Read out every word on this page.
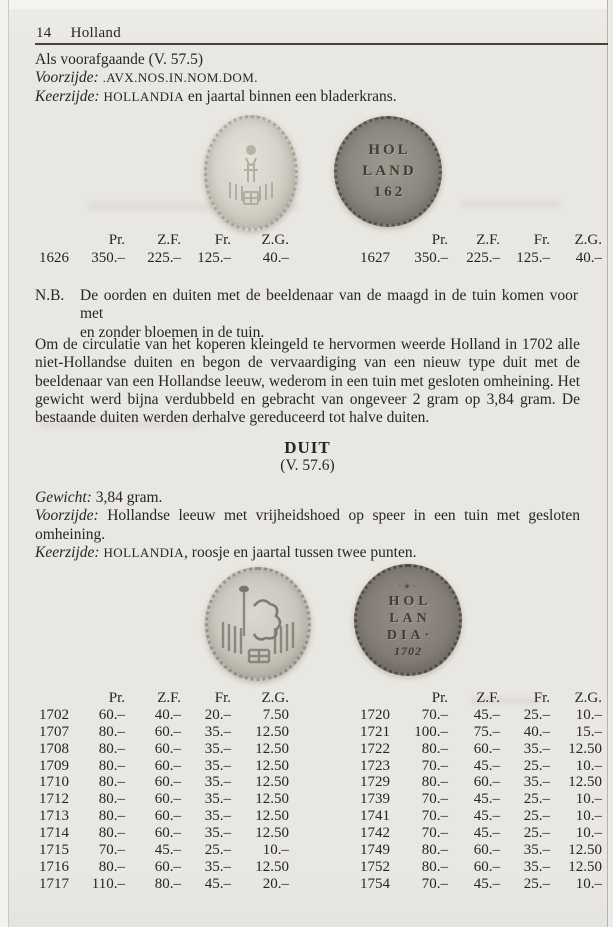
14 Holland
Als voorafgaande (V. 57.5)
Voorzijde: .AVX.NOS.IN.NOM.DOM.
Keerzijde: HOLLANDIA en jaartal binnen een bladerkrans.
HOL
LAND
162
Pr.	Z.F.	Fr.	Z.G.
1626	350.–	225.–	125.–	40.–
Pr.	Z.F.	Fr.	Z.G.
1627	350.–	225.–	125.–	40.–
N.B. De oorden en duiten met de beeldenaar van de maagd in de tuin komen voor met
en zonder bloemen in de tuin.
Om de circulatie van het koperen kleingeld te hervormen weerde Holland in 1702 alle
niet-Hollandse duiten en begon de vervaardiging van een nieuw type duit met de
beeldenaar van een Hollandse leeuw, wederom in een tuin met gesloten omheining. Het
gewicht werd bijna verdubbeld en gebracht van ongeveer 2 gram op 3,84 gram. De
bestaande duiten werden derhalve gereduceerd tot halve duiten.
DUIT
(V. 57.6)
Gewicht: 3,84 gram.
Voorzijde: Hollandse leeuw met vrijheidshoed op speer in een tuin met gesloten
omheining.
Keerzijde: HOLLANDIA, roosje en jaartal tussen twee punten.
·∗·
HOL
LAN
DIA·
1702
Pr.	Z.F.	Fr.	Z.G.
1702	60.–	40.–	20.–	7.50
1707	80.–	60.–	35.–	12.50
1708	80.–	60.–	35.–	12.50
1709	80.–	60.–	35.–	12.50
1710	80.–	60.–	35.–	12.50
1712	80.–	60.–	35.–	12.50
1713	80.–	60.–	35.–	12.50
1714	80.–	60.–	35.–	12.50
1715	70.–	45.–	25.–	10.–
1716	80.–	60.–	35.–	12.50
1717	110.–	80.–	45.–	20.–
Pr.	Z.F.	Fr.	Z.G.
1720	70.–	45.–	25.–	10.–
1721	100.–	75.–	40.–	15.–
1722	80.–	60.–	35.–	12.50
1723	70.–	45.–	25.–	10.–
1729	80.–	60.–	35.–	12.50
1739	70.–	45.–	25.–	10.–
1741	70.–	45.–	25.–	10.–
1742	70.–	45.–	25.–	10.–
1749	80.–	60.–	35.–	12.50
1752	80.–	60.–	35.–	12.50
1754	70.–	45.–	25.–	10.–
